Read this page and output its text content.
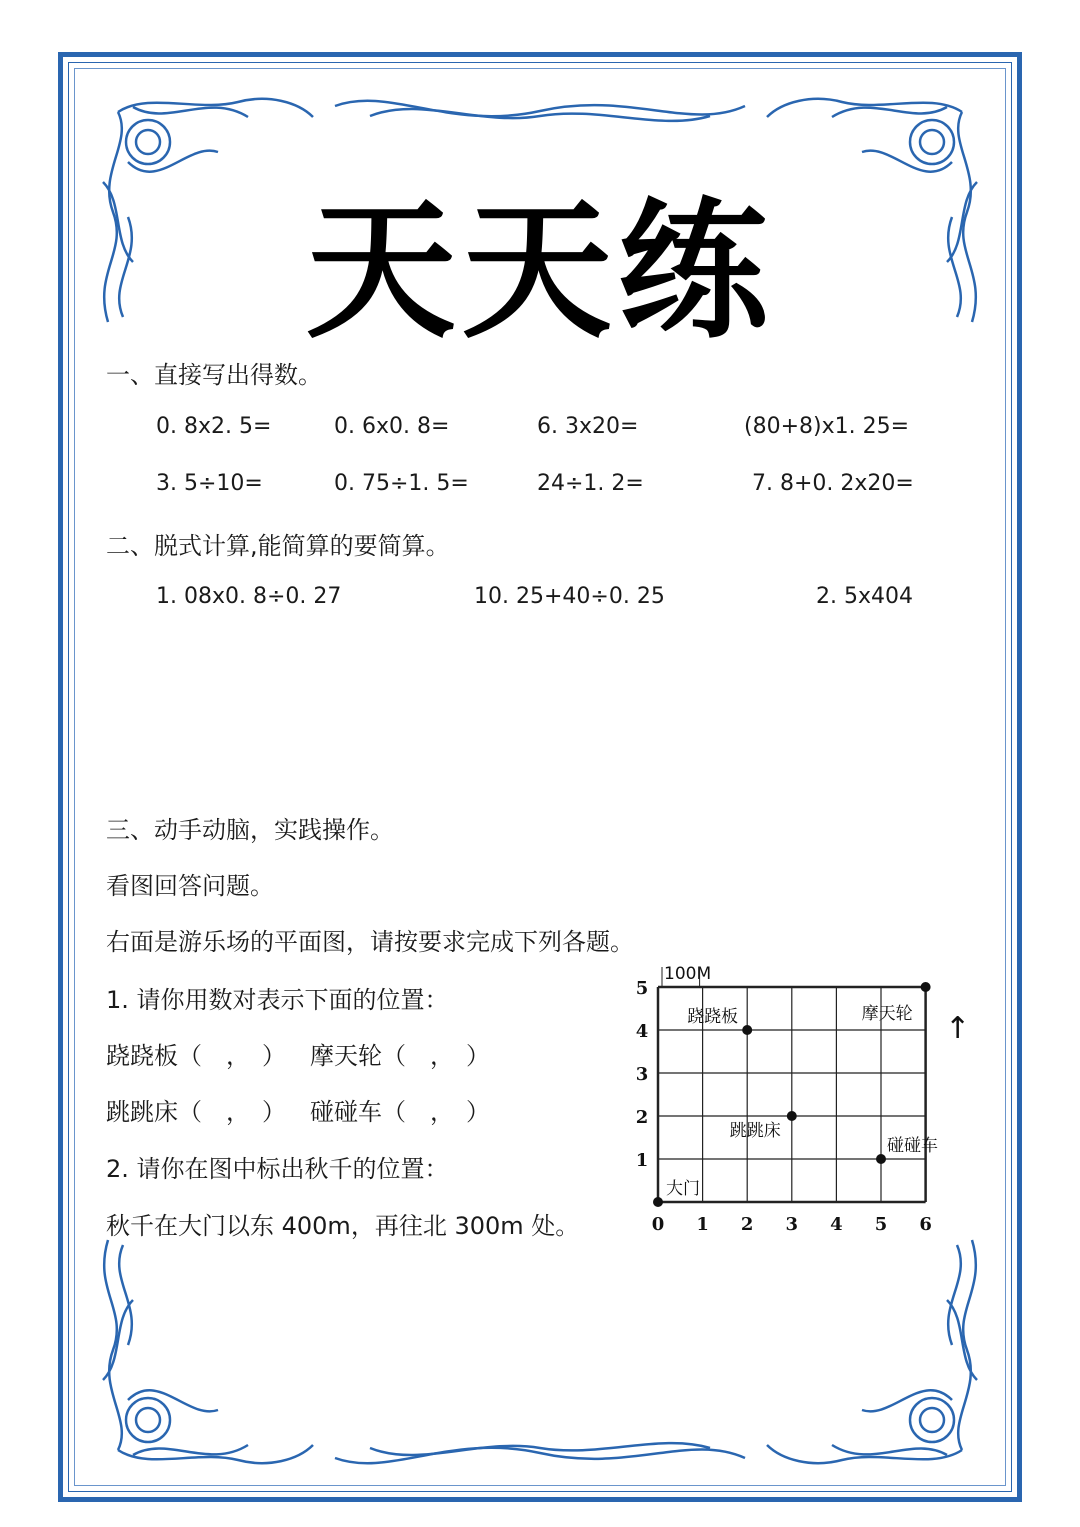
天天练
一、直接写出得数。
0. 8x2. 5=	0. 6x0. 8=	6. 3x20=	(80+8)x1. 25=
3. 5÷10=	0. 75÷1. 5=	24÷1. 2=	7. 8+0. 2x20=
二、脱式计算,能简算的要简算。
1. 08x0. 8÷0. 27	10. 25+40÷0. 25	2. 5x404
三、动手动脑，实践操作。
看图回答问题。
右面是游乐场的平面图，请按要求完成下列各题。
1. 请你用数对表示下面的位置：
跷跷板（　，　） 摩天轮（　，　）
跳跳床（　，　） 碰碰车（　，　）
2. 请你在图中标出秋千的位置：
秋千在大门以东 400m，再往北 300m 处。	0 1 2 3 4 5 6
1
2
3
4
5
100M
↑
大门
跷跷板	摩天轮
跳跳床
碰碰车
